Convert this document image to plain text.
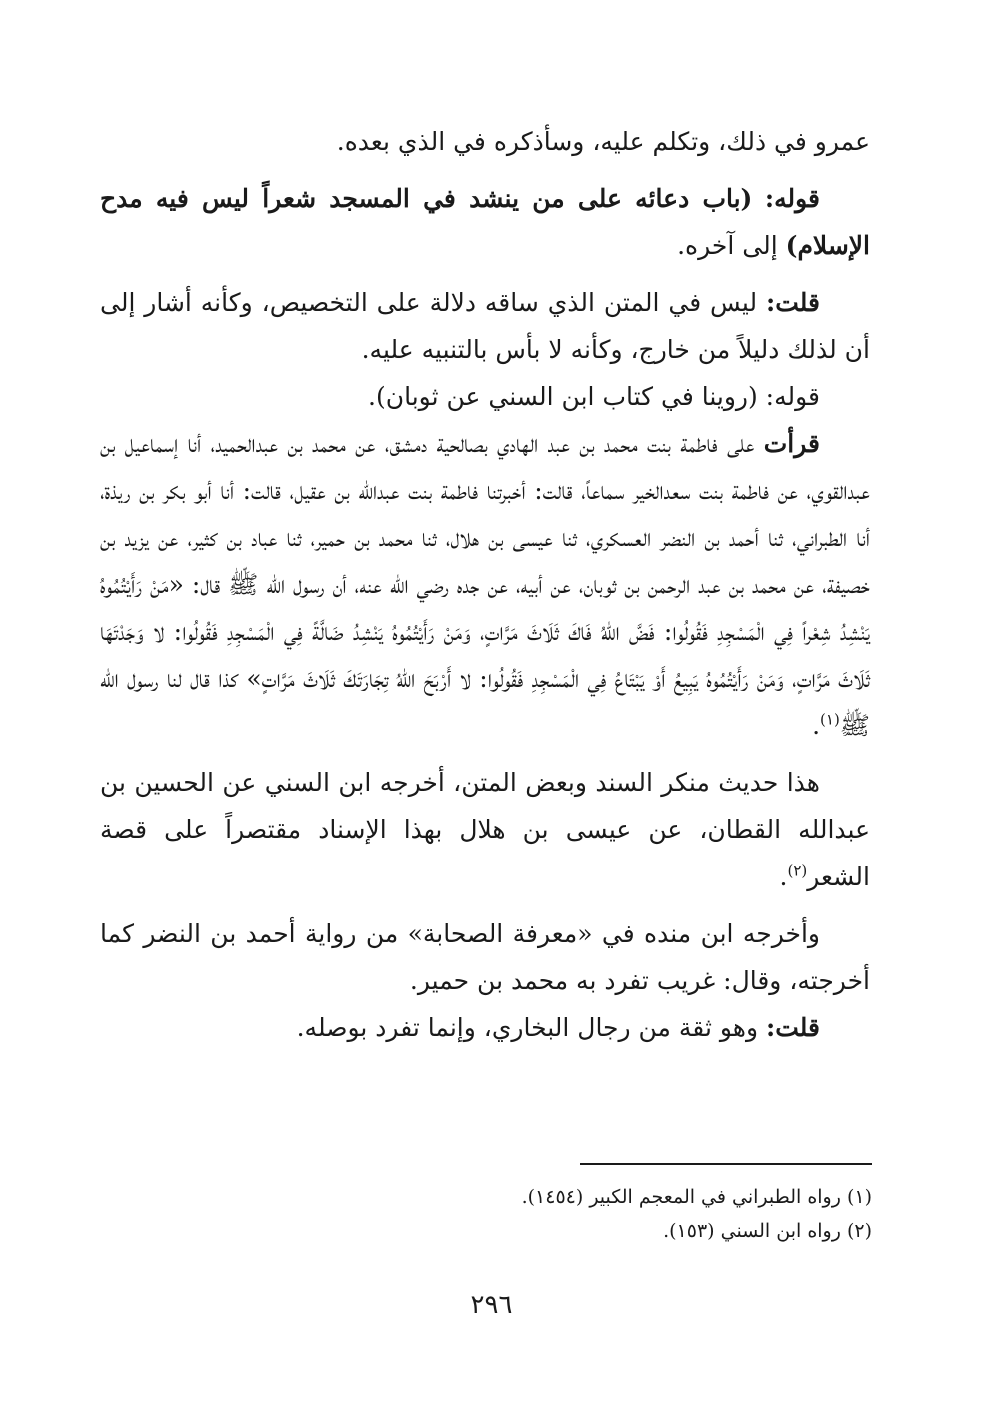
عمرو في ذلك، وتكلم عليه، وسأذكره في الذي بعده.

قوله: (باب دعائه على من ينشد في المسجد شعراً ليس فيه مدح الإسلام) إلى آخره.

قلت: ليس في المتن الذي ساقه دلالة على التخصيص، وكأنه أشار إلى أن لذلك دليلاً من خارج، وكأنه لا بأس بالتنبيه عليه.

قوله: (روينا في كتاب ابن السني عن ثوبان).

قرأت على فاطمة بنت محمد بن عبد الهادي بصالحية دمشق، عن محمد بن عبدالحميد، أنا إسماعيل بن عبدالقوي، عن فاطمة بنت سعدالخير سماعاً، قالت: أخبرتنا فاطمة بنت عبدالله بن عقيل، قالت: أنا أبو بكر بن ريذة، أنا الطبراني، ثنا أحمد بن النضر العسكري، ثنا عيسى بن هلال، ثنا محمد بن حمير، ثنا عباد بن كثير، عن يزيد بن خصيفة، عن محمد بن عبد الرحمن بن ثوبان، عن أبيه، عن جده رضي الله عنه، أن رسول الله ﷺ قال: «مَنْ رَأَيْتُمُوهُ يَنْشِدُ شِعْراً فِي الْمَسْجِدِ فَقُولُوا: فَضَّ اللهُ فَاكَ ثَلَاثَ مَرَّاتٍ، وَمَنْ رَأَيْتُمُوهُ يَنْشِدُ ضَالَّةً فِي الْمَسْجِدِ فَقُولُوا: لا وَجَدْتَهَا ثَلَاثَ مَرَّاتٍ، وَمَنْ رَأَيْتُمُوهُ يَبِيعُ أَوْ يَبْتَاعُ فِي الْمَسْجِدِ فَقُولُوا: لا أَرْبَحَ اللهُ تِجَارَتَكَ ثَلَاثَ مَرَّاتٍ» كذا قال لنا رسول الله ﷺ$^{(١)}$.

هذا حديث منكر السند وبعض المتن، أخرجه ابن السني عن الحسين بن عبدالله القطان، عن عيسى بن هلال بهذا الإسناد مقتصراً على قصة الشعر$^{(٢)}$.

وأخرجه ابن منده في «معرفة الصحابة» من رواية أحمد بن النضر كما أخرجته، وقال: غريب تفرد به محمد بن حمير.

قلت: وهو ثقة من رجال البخاري، وإنما تفرد بوصله.

(١) رواه الطبراني في المعجم الكبير (١٤٥٤).

(٢) رواه ابن السني (١٥٣).

٢٩٦
